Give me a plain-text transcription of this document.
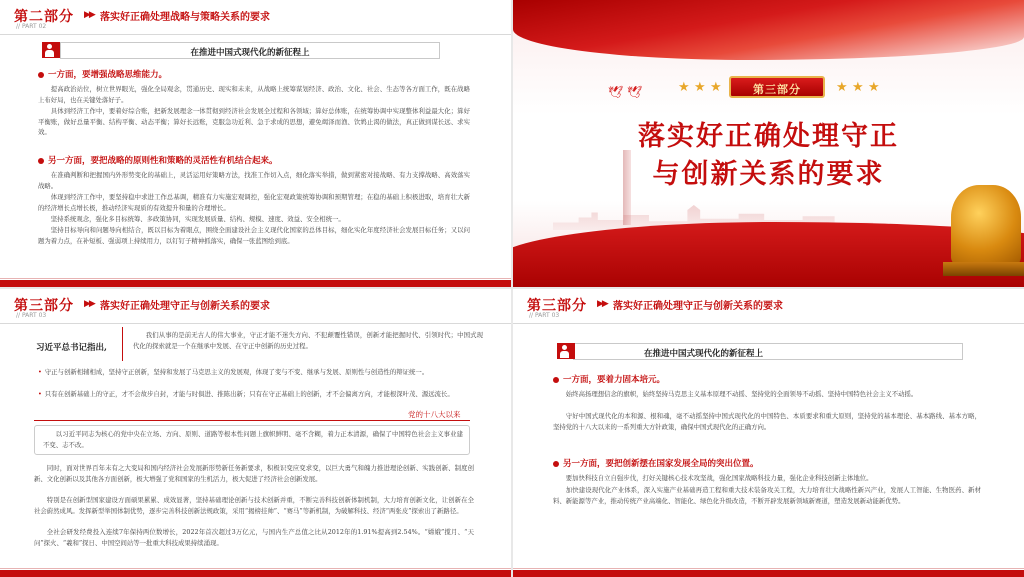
第二部分
// PART 02
▶▶ 落实好正确处理战略与策略关系的要求
在推进中国式现代化的新征程上
一方面，要增强战略思维能力。
提高政治站位，树立世界眼光，强化全局观念，贯通历史、现实和未来，从战略上统筹谋划经济、政治、文化、社会、生态等各方面工作，既在战略上布好局，也在关键处落好子。
具体到经济工作中，要着好综合账，把新发展理念一体贯彻到经济社会发展全过程和各领域；算好总体账，在统筹协调中实现整体利益最大化；算好平衡账，做好总量平衡、结构平衡、动态平衡；算好长远账，克服急功近利、急于求成的思想，避免竭泽而渔、饮鸩止渴的做法，真正做到谋长远、求实效。
另一方面，要把战略的原则性和策略的灵活性有机结合起来。
在准确判断和把握国内外形势变化的基础上，灵活运用好策略方法，找准工作切入点，细化落实举措，做到紧密对接战略、有力支撑战略、高效落实战略。
体现到经济工作中，要坚持稳中求进工作总基调，精准有力实施宏观调控，强化宏观政策统筹协调和预期管理；在稳的基础上积极进取，培育壮大新的经济增长点增长极，推动经济实现质的有效提升和量的合理增长。
坚持系统观念，强化多目标统筹、多政策协同，实现发展质量、结构、规模、速度、效益、安全相统一。
坚持目标导向和问题导向相结合，既以目标为着眼点，围绕全面建设社会主义现代化国家的总体目标，细化实化年度经济社会发展目标任务；又以问题为着力点，在补短板、强弱项上持续用力，以钉钉子精神抓落实，确保一张蓝图绘到底。
🕊 🕊	★ ★ ★	第三部分	★ ★ ★
落实好正确处理守正
与创新关系的要求
第三部分
// PART 03
▶▶ 落实好正确处理守正与创新关系的要求
习近平总书记指出,
我们从事的是前无古人的伟大事业，守正才能不迷失方向、不犯颠覆性错误，创新才能把握时代、引领时代；中国式现代化的探索就是一个在继承中发展、在守正中创新的历史过程。
• 守正与创新相辅相成，坚持守正创新，坚持和发展了马克思主义的发展观，体现了变与不变、继承与发展、原则性与创造性的辩证统一。
• 只有在创新基础上的守正，才不会故步自封，才能与时俱进、推陈出新；只有在守正基础上的创新，才不会偏离方向，才能根深叶茂、源远流长。
党的十八大以来
以习近平同志为核心的党中央在立场、方向、原则、道路等根本性问题上旗帜鲜明、毫不含糊，着力正本清源，确保了中国特色社会主义事业建不变、志不改。
同时，面对世界百年未有之大变局和国内经济社会发展新形势新任务新要求，积极识变应变求变，以巨大勇气和魄力推进理论创新、实践创新、制度创新、文化创新以及其他各方面创新，极大增强了党和国家的生机活力，极大促进了经济社会创新发展。
特别是在创新型国家建设方面硕果累累、成效显著，坚持基础理论创新与技术创新并重，不断完善科技创新体制机制，大力培育创新文化，让创新在全社会蔚然成风。发挥新型举国体制优势，逐步完善科技创新法规政策，采用“揭榜挂帅”、“赛马”等新机制，为破解科技、经济“两张皮”探索出了新路径。
全社会研发经费投入连续7年保持两位数增长，2022年首次超过3万亿元，与国内生产总值之比从2012年的1.91%提高到2.54%。“嫦娥”揽月、“天问”探火、“羲和”探日、中国空间站等一批重大科技成果持续涌现。
第三部分
// PART 03
▶▶ 落实好正确处理守正与创新关系的要求
在推进中国式现代化的新征程上
一方面，要着力固本培元。
始终高扬理想信念的旗帜，始终坚持马克思主义基本原理不动摇、坚持党的全面领导不动摇、坚持中国特色社会主义不动摇。
守好中国式现代化的本和源、根和魂，毫不动摇坚持中国式现代化的中国特色、本质要求和重大原则，坚持党的基本理论、基本路线、基本方略，坚持党的十八大以来的一系列重大方针政策，确保中国式现代化的正确方向。
另一方面，要把创新摆在国家发展全局的突出位置。
要加快科技自立自强步伐，打好关键核心技术攻坚战，强化国家战略科技力量，强化企业科技创新主体地位。
加快建设现代化产业体系，深入实施产业基础再造工程和重大技术装备攻关工程，大力培育壮大战略性新兴产业，发展人工智能、生物医药、新材料、新能源等产业，推动传统产业高端化、智能化、绿色化升级改造，不断开辟发展新领域新赛道，塑造发展新动能新优势。
